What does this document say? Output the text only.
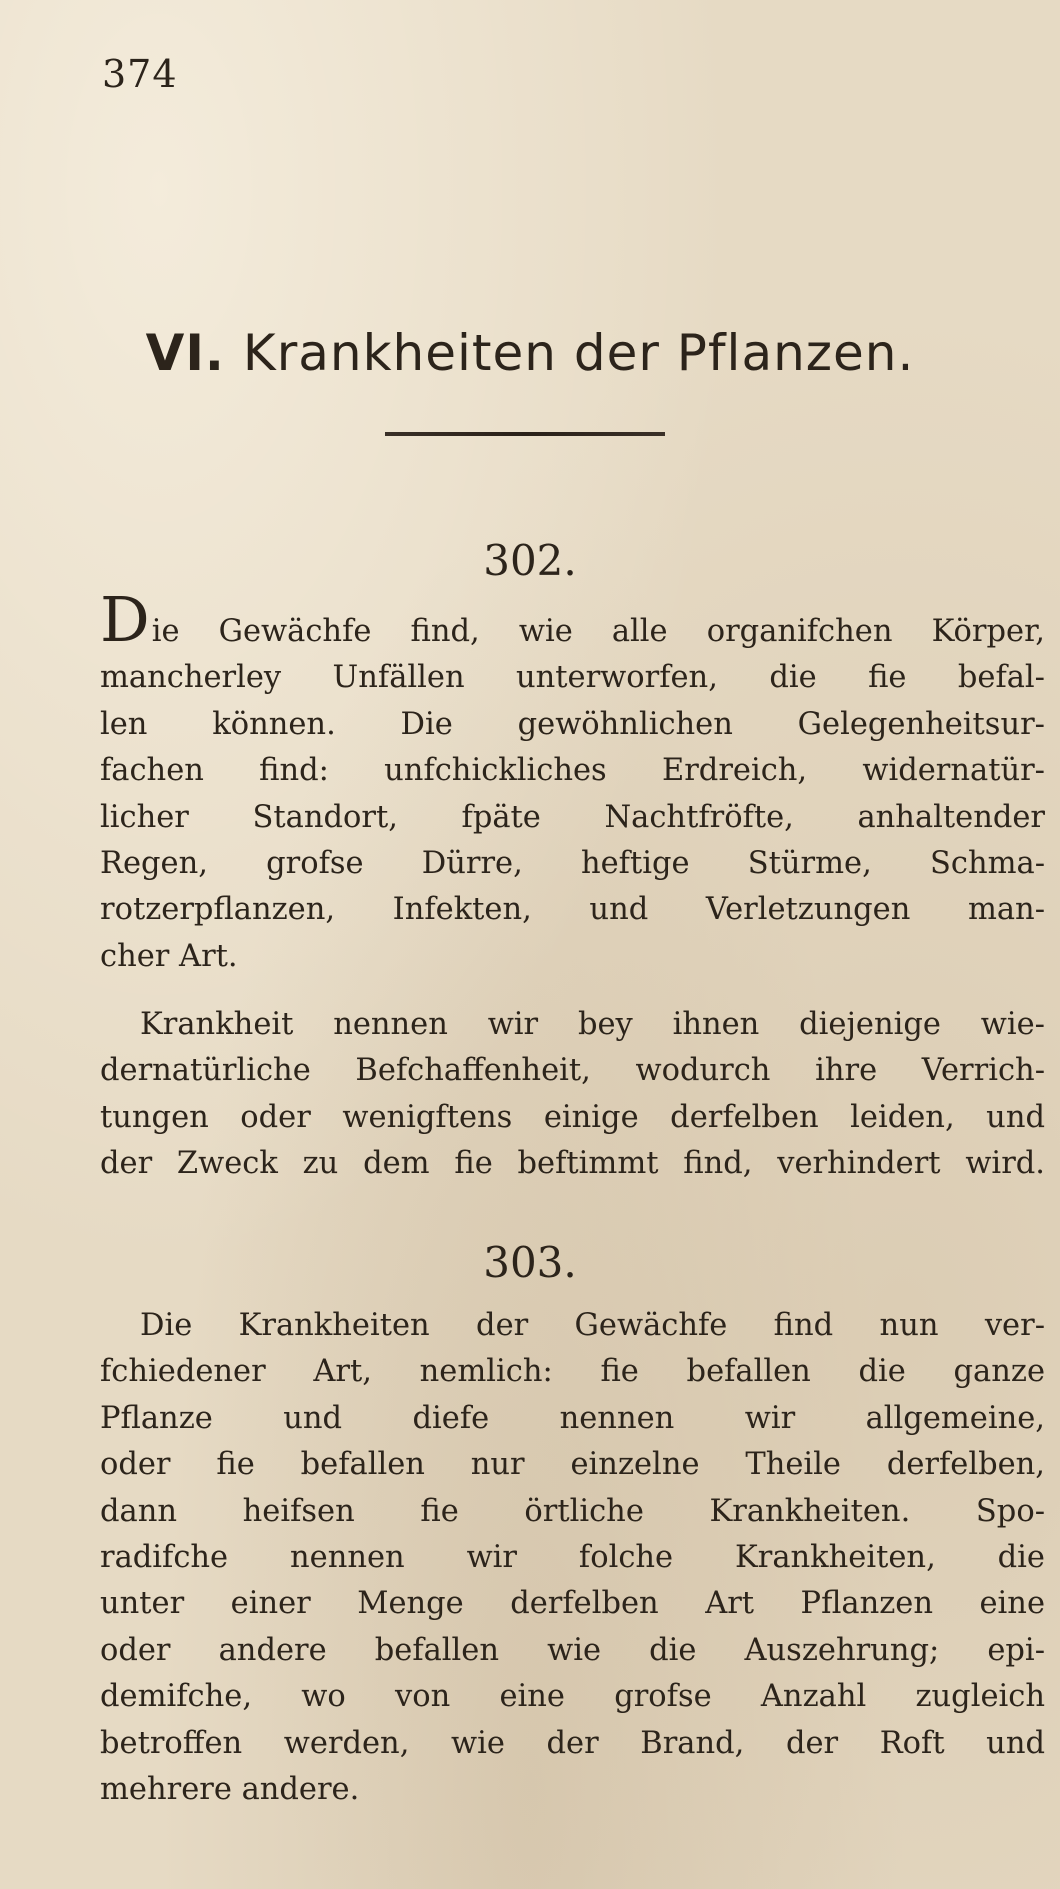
374
VI. Krankheiten der Pflanzen.
302.
Die Gewächfe find, wie alle organifchen Körper,
mancherley Unfällen unterworfen, die fie befal-
len können. Die gewöhnlichen Gelegenheitsur-
fachen find: unfchickliches Erdreich, widernatür-
licher Standort, fpäte Nachtfröfte, anhaltender
Regen, grofse Dürre, heftige Stürme, Schma-
rotzerpflanzen, Infekten, und Verletzungen man-
cher Art.
Krankheit nennen wir bey ihnen diejenige wie-
dernatürliche Befchaffenheit, wodurch ihre Verrich-
tungen oder wenigftens einige derfelben leiden, und
der Zweck zu dem fie beftimmt find, verhindert wird.
303.
Die Krankheiten der Gewächfe find nun ver-
fchiedener Art, nemlich: fie befallen die ganze
Pflanze und diefe nennen wir allgemeine,
oder fie befallen nur einzelne Theile derfelben,
dann heifsen fie örtliche Krankheiten. Spo-
radifche nennen wir folche Krankheiten, die
unter einer Menge derfelben Art Pflanzen eine
oder andere befallen wie die Auszehrung; epi-
demifche, wo von eine grofse Anzahl zugleich
betroffen werden, wie der Brand, der Roft und
mehrere andere.
